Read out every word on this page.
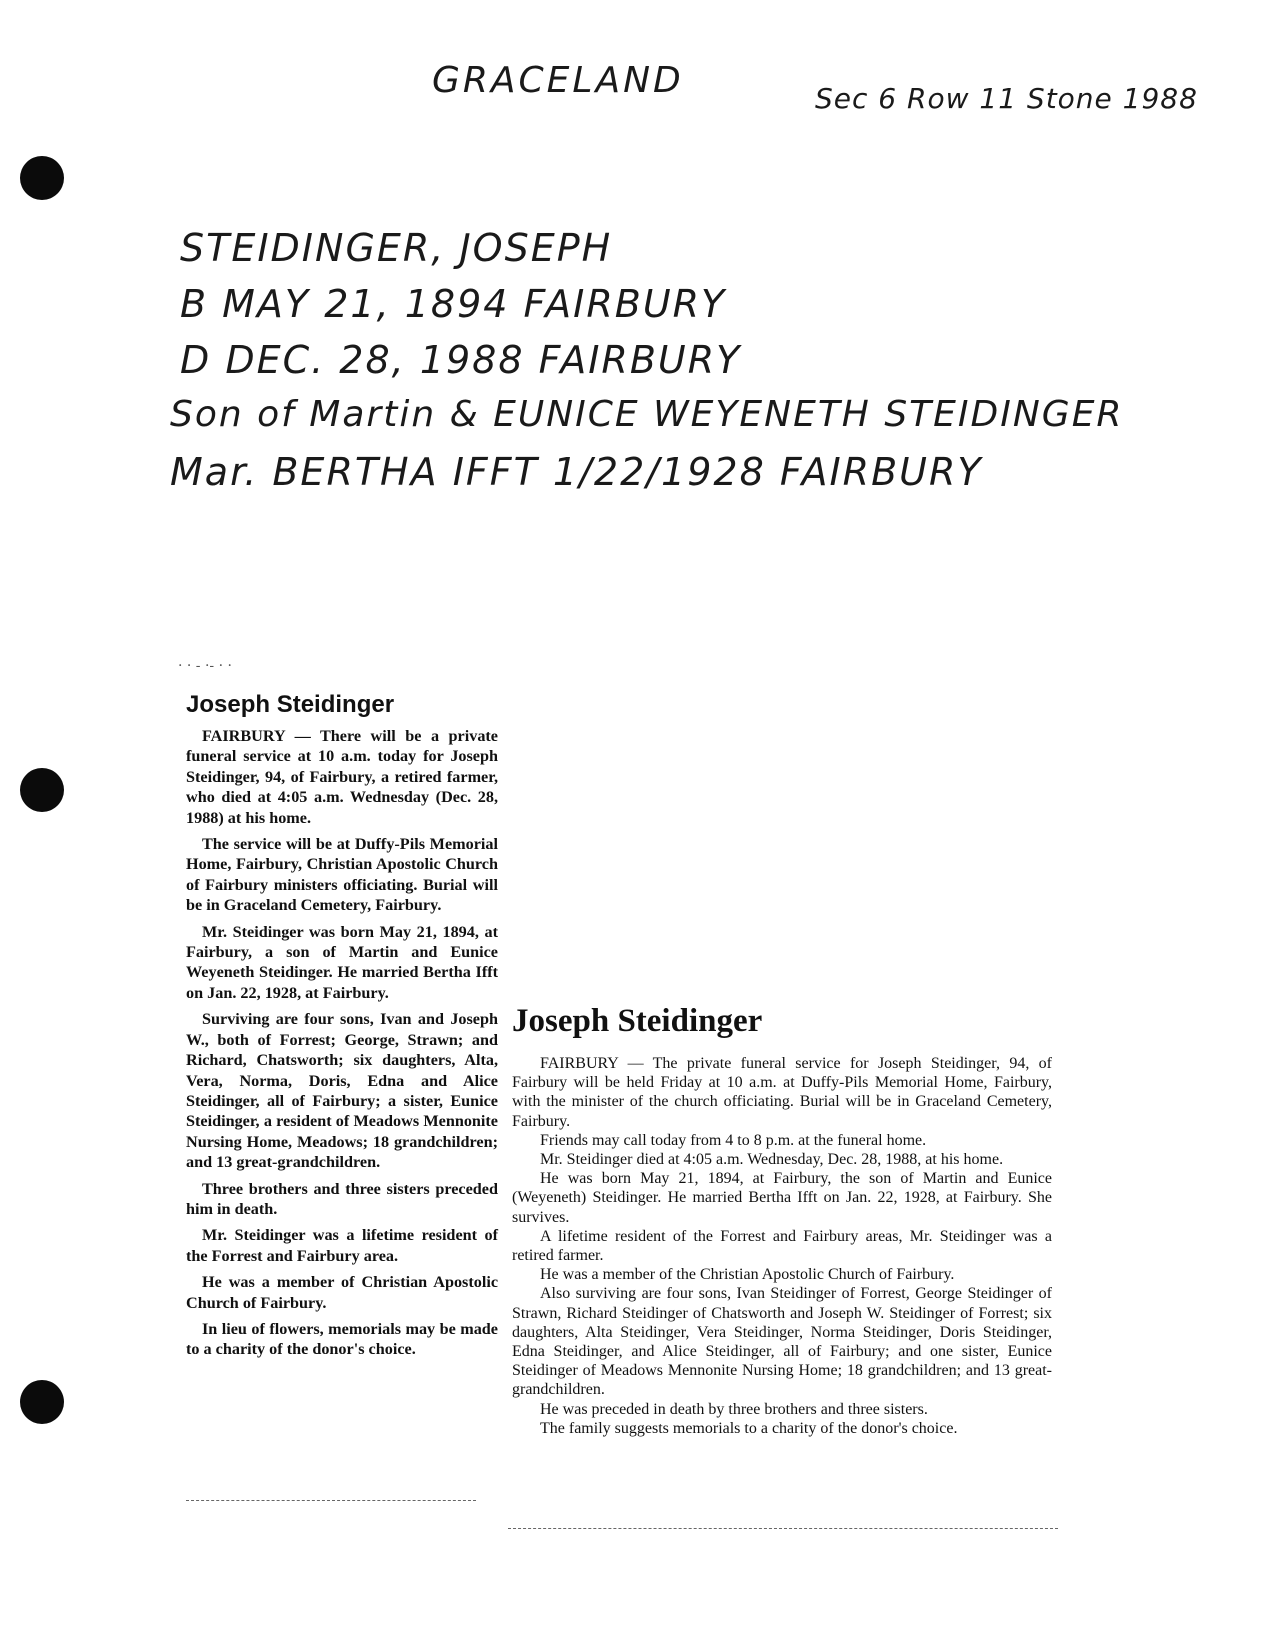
GRACELAND	Sec 6 Row 11 Stone 1988
STEIDINGER, JOSEPH
B MAY 21, 1894 FAIRBURY
D DEC. 28, 1988 FAIRBURY
Son of Martin & EUNICE WEYENETH STEIDINGER
Mar. BERTHA IFFT 1/22/1928 FAIRBURY
· · - ·- · ·
Joseph Steidinger

FAIRBURY — There will be a private funeral service at 10 a.m. today for Joseph Steidinger, 94, of Fairbury, a retired farmer, who died at 4:05 a.m. Wednesday (Dec. 28, 1988) at his home.

The service will be at Duffy-Pils Memorial Home, Fairbury, Christian Apostolic Church of Fairbury ministers officiating. Burial will be in Graceland Cemetery, Fairbury.

Mr. Steidinger was born May 21, 1894, at Fairbury, a son of Martin and Eunice Weyeneth Steidinger. He married Bertha Ifft on Jan. 22, 1928, at Fairbury.

Surviving are four sons, Ivan and Joseph W., both of Forrest; George, Strawn; and Richard, Chatsworth; six daughters, Alta, Vera, Norma, Doris, Edna and Alice Steidinger, all of Fairbury; a sister, Eunice Steidinger, a resident of Meadows Mennonite Nursing Home, Meadows; 18 grandchildren; and 13 great-grandchildren.

Three brothers and three sisters preceded him in death.

Mr. Steidinger was a lifetime resident of the Forrest and Fairbury area.

He was a member of Christian Apostolic Church of Fairbury.

In lieu of flowers, memorials may be made to a charity of the donor's choice.

Joseph Steidinger

FAIRBURY — The private funeral service for Joseph Steidinger, 94, of Fairbury will be held Friday at 10 a.m. at Duffy-Pils Memorial Home, Fairbury, with the minister of the church officiating. Burial will be in Graceland Cemetery, Fairbury.

Friends may call today from 4 to 8 p.m. at the funeral home.

Mr. Steidinger died at 4:05 a.m. Wednesday, Dec. 28, 1988, at his home.

He was born May 21, 1894, at Fairbury, the son of Martin and Eunice (Weyeneth) Steidinger. He married Bertha Ifft on Jan. 22, 1928, at Fairbury. She survives.

A lifetime resident of the Forrest and Fairbury areas, Mr. Steidinger was a retired farmer.

He was a member of the Christian Apostolic Church of Fairbury.

Also surviving are four sons, Ivan Steidinger of Forrest, George Steidinger of Strawn, Richard Steidinger of Chatsworth and Joseph W. Steidinger of Forrest; six daughters, Alta Steidinger, Vera Steidinger, Norma Steidinger, Doris Steidinger, Edna Steidinger, and Alice Steidinger, all of Fairbury; and one sister, Eunice Steidinger of Meadows Mennonite Nursing Home; 18 grandchildren; and 13 great-grandchildren.

He was preceded in death by three brothers and three sisters.

The family suggests memorials to a charity of the donor's choice.
